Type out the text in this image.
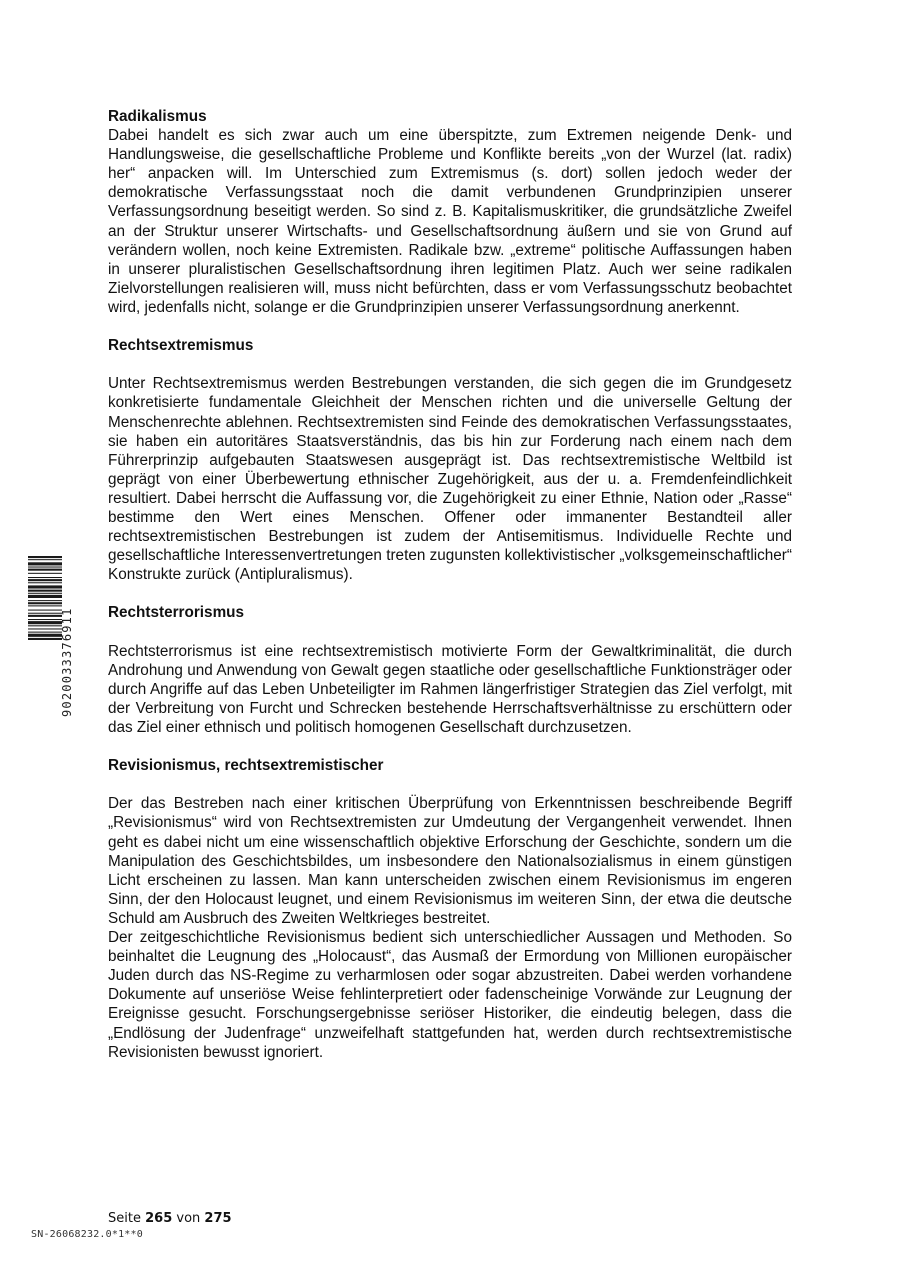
Radikalismus

Dabei handelt es sich zwar auch um eine überspitzte, zum Extremen neigende Denk- und Handlungsweise, die gesellschaftliche Probleme und Konflikte bereits „von der Wurzel (lat. radix) her“ anpacken will. Im Unterschied zum Extremismus (s. dort) sollen jedoch weder der demokratische Verfassungsstaat noch die damit verbundenen Grundprinzipien unserer Verfassungsordnung beseitigt werden. So sind z. B. Kapitalismuskritiker, die grundsätzliche Zweifel an der Struktur unserer Wirtschafts- und Gesellschaftsordnung äußern und sie von Grund auf verändern wollen, noch keine Extremisten. Radikale bzw. „extreme“ politische Auffassungen haben in unserer pluralistischen Gesellschaftsordnung ihren legitimen Platz. Auch wer seine radikalen Zielvorstellungen realisieren will, muss nicht befürchten, dass er vom Verfassungsschutz beobachtet wird, jedenfalls nicht, solange er die Grundprinzipien unserer Verfassungsordnung anerkennt.

Rechtsextremismus

Unter Rechtsextremismus werden Bestrebungen verstanden, die sich gegen die im Grundgesetz konkretisierte fundamentale Gleichheit der Menschen richten und die universelle Geltung der Menschenrechte ablehnen. Rechtsextremisten sind Feinde des demokratischen Verfassungsstaates, sie haben ein autoritäres Staatsverständnis, das bis hin zur Forderung nach einem nach dem Führerprinzip aufgebauten Staatswesen ausgeprägt ist. Das rechtsextremistische Weltbild ist geprägt von einer Überbewertung ethnischer Zugehörigkeit, aus der u. a. Fremdenfeindlichkeit resultiert. Dabei herrscht die Auffassung vor, die Zugehörigkeit zu einer Ethnie, Nation oder „Rasse“ bestimme den Wert eines Menschen. Offener oder immanenter Bestandteil aller rechtsextremistischen Bestrebungen ist zudem der Antisemitismus. Individuelle Rechte und gesellschaftliche Interessenvertretungen treten zugunsten kollektivistischer „volksgemeinschaftlicher“ Konstrukte zurück (Antipluralismus).

Rechtsterrorismus

Rechtsterrorismus ist eine rechtsextremistisch motivierte Form der Gewaltkriminalität, die durch Androhung und Anwendung von Gewalt gegen staatliche oder gesellschaftliche Funktionsträger oder durch Angriffe auf das Leben Unbeteiligter im Rahmen längerfristiger Strategien das Ziel verfolgt, mit der Verbreitung von Furcht und Schrecken bestehende Herrschaftsverhältnisse zu erschüttern oder das Ziel einer ethnisch und politisch homogenen Gesellschaft durchzusetzen.

Revisionismus, rechtsextremistischer

Der das Bestreben nach einer kritischen Überprüfung von Erkenntnissen beschreibende Begriff „Revisionismus“ wird von Rechtsextremisten zur Umdeutung der Vergangenheit verwendet. Ihnen geht es dabei nicht um eine wissenschaftlich objektive Erforschung der Geschichte, sondern um die Manipulation des Geschichtsbildes, um insbesondere den Nationalsozialismus in einem günstigen Licht erscheinen zu lassen. Man kann unterscheiden zwischen einem Revisionismus im engeren Sinn, der den Holocaust leugnet, und einem Revisionismus im weiteren Sinn, der etwa die deutsche Schuld am Ausbruch des Zweiten Weltkrieges bestreitet.

Der zeitgeschichtliche Revisionismus bedient sich unterschiedlicher Aussagen und Methoden. So beinhaltet die Leugnung des „Holocaust“, das Ausmaß der Ermordung von Millionen europäischer Juden durch das NS-Regime zu verharmlosen oder sogar abzustreiten. Dabei werden vorhandene Dokumente auf unseriöse Weise fehlinterpretiert oder fadenscheinige Vorwände zur Leugnung der Ereignisse gesucht. Forschungsergebnisse seriöser Historiker, die eindeutig belegen, dass die „Endlösung der Judenfrage“ unzweifelhaft stattgefunden hat, werden durch rechtsextremistische Revisionisten bewusst ignoriert.

9020033376911
Seite 265 von 275
SN-26068232.0*1**0
